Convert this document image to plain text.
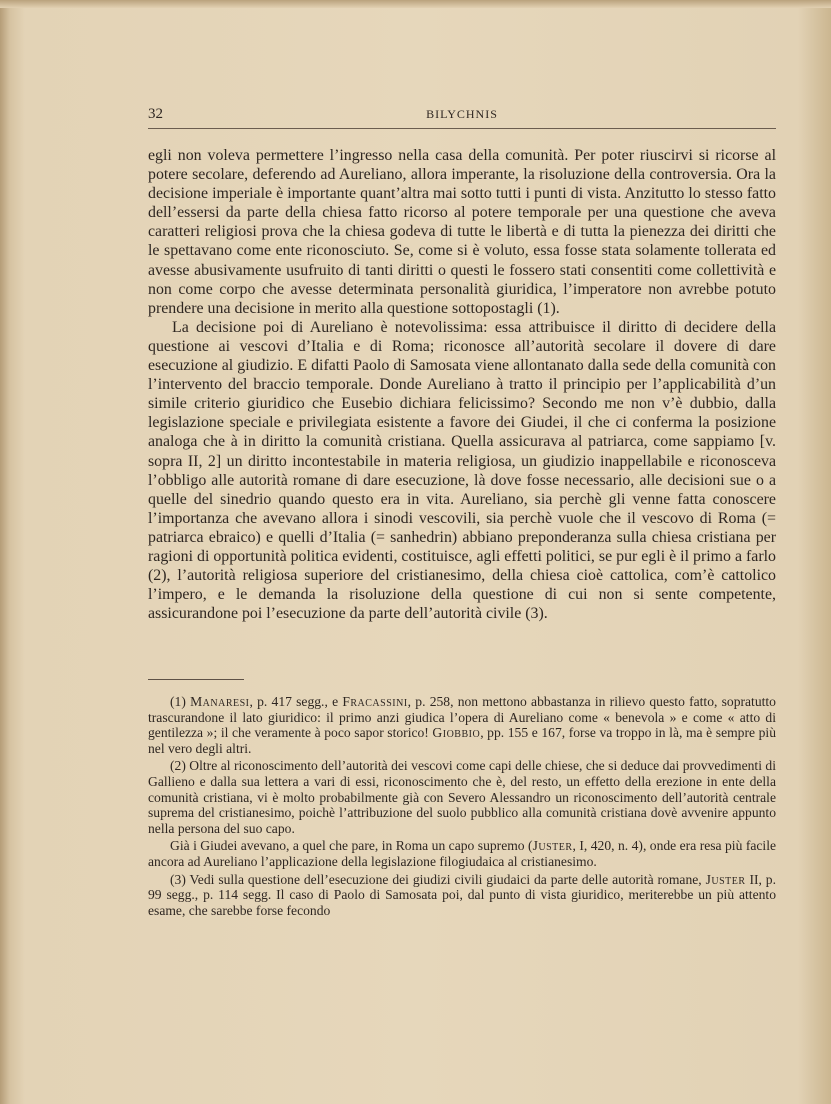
32	BILYCHNIS

egli non voleva permettere l’ingresso nella casa della comunità. Per poter riuscirvi si ricorse al potere secolare, deferendo ad Aureliano, allora imperante, la risoluzione della controversia. Ora la decisione imperiale è importante quant’altra mai sotto tutti i punti di vista. Anzitutto lo stesso fatto dell’essersi da parte della chiesa fatto ricorso al potere temporale per una questione che aveva caratteri religiosi prova che la chiesa godeva di tutte le libertà e di tutta la pienezza dei diritti che le spettavano come ente riconosciuto. Se, come si è voluto, essa fosse stata solamente tollerata ed avesse abusivamente usufruito di tanti diritti o questi le fossero stati consentiti come collettività e non come corpo che avesse determinata personalità giuridica, l’imperatore non avrebbe potuto prendere una decisione in merito alla questione sottopostagli (1).

La decisione poi di Aureliano è notevolissima: essa attribuisce il diritto di decidere della questione ai vescovi d’Italia e di Roma; riconosce all’autorità secolare il dovere di dare esecuzione al giudizio. E difatti Paolo di Samosata viene allontanato dalla sede della comunità con l’intervento del braccio temporale. Donde Aureliano à tratto il principio per l’applicabilità d’un simile criterio giuridico che Eusebio dichiara felicissimo? Secondo me non v’è dubbio, dalla legislazione speciale e privilegiata esistente a favore dei Giudei, il che ci conferma la posizione analoga che à in diritto la comunità cristiana. Quella assicurava al patriarca, come sappiamo [v. sopra II, 2] un diritto incontestabile in materia religiosa, un giudizio inappellabile e riconosceva l’obbligo alle autorità romane di dare esecuzione, là dove fosse necessario, alle decisioni sue o a quelle del sinedrio quando questo era in vita. Aureliano, sia perchè gli venne fatta conoscere l’importanza che avevano allora i sinodi vescovili, sia perchè vuole che il vescovo di Roma (= patriarca ebraico) e quelli d’Italia (= sanhedrin) abbiano preponderanza sulla chiesa cristiana per ragioni di opportunità politica evidenti, costituisce, agli effetti politici, se pur egli è il primo a farlo (2), l’autorità religiosa superiore del cristianesimo, della chiesa cioè cattolica, com’è cattolico l’impero, e le demanda la risoluzione della questione di cui non si sente competente, assicurandone poi l’esecuzione da parte dell’autorità civile (3).

(1) Manaresi, p. 417 segg., e Fracassini, p. 258, non mettono abbastanza in rilievo questo fatto, sopratutto trascurandone il lato giuridico: il primo anzi giudica l’opera di Aureliano come « benevola » e come « atto di gentilezza »; il che veramente à poco sapor storico! Giobbio, pp. 155 e 167, forse va troppo in là, ma è sempre più nel vero degli altri.

(2) Oltre al riconoscimento dell’autorità dei vescovi come capi delle chiese, che si deduce dai provvedimenti di Gallieno e dalla sua lettera a vari di essi, riconoscimento che è, del resto, un effetto della erezione in ente della comunità cristiana, vi è molto probabilmente già con Severo Alessandro un riconoscimento dell’autorità centrale suprema del cristianesimo, poichè l’attribuzione del suolo pubblico alla comunità cristiana dovè avvenire appunto nella persona del suo capo.

Già i Giudei avevano, a quel che pare, in Roma un capo supremo (Juster, I, 420, n. 4), onde era resa più facile ancora ad Aureliano l’applicazione della legislazione filogiudaica al cristianesimo.

(3) Vedi sulla questione dell’esecuzione dei giudizi civili giudaici da parte delle autorità romane, Juster II, p. 99 segg., p. 114 segg. Il caso di Paolo di Samosata poi, dal punto di vista giuridico, meriterebbe un più attento esame, che sarebbe forse fecondo
